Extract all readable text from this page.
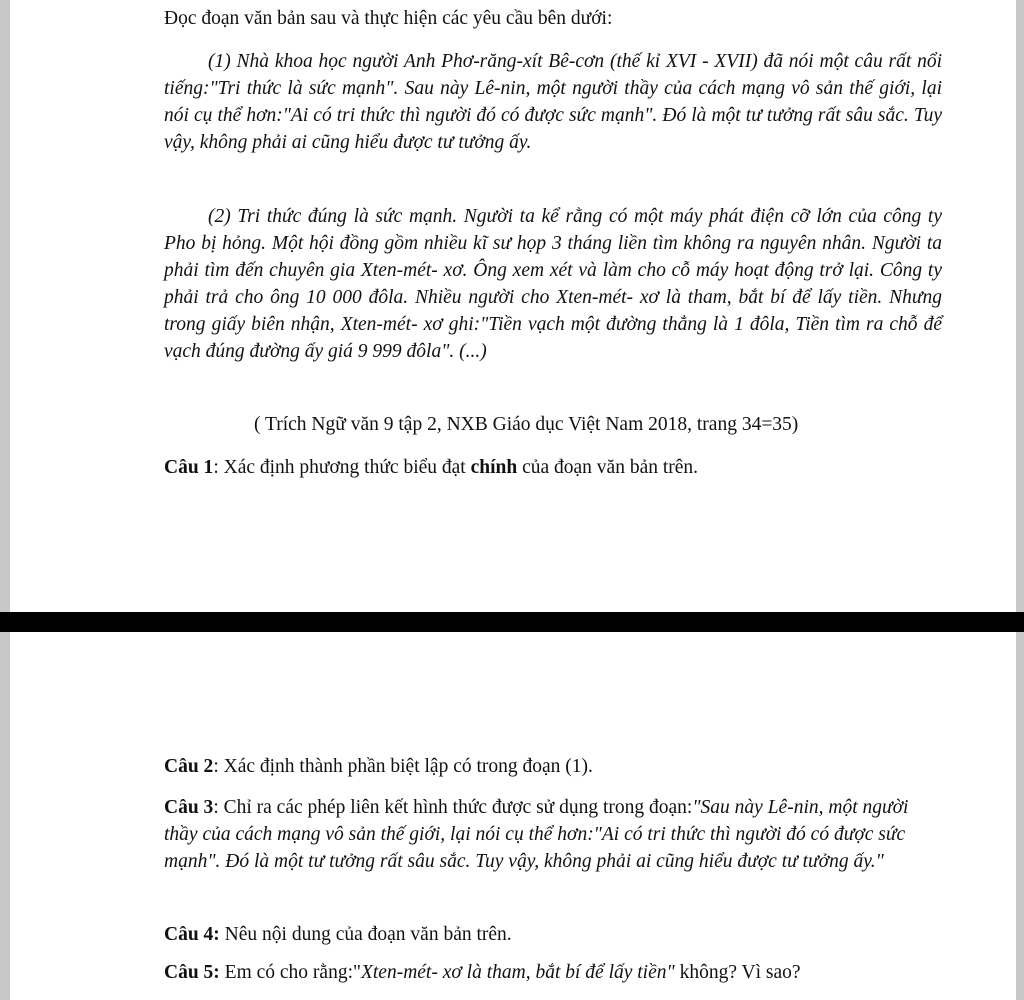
Đọc đoạn văn bản sau và thực hiện các yêu cầu bên dưới:

(1) Nhà khoa học người Anh Phơ-răng-xít Bê-cơn (thế kỉ XVI - XVII) đã nói một câu rất nổi tiếng:"Tri thức là sức mạnh". Sau này Lê-nin, một người thầy của cách mạng vô sản thế giới, lại nói cụ thể hơn:"Ai có tri thức thì người đó có được sức mạnh". Đó là một tư tưởng rất sâu sắc. Tuy vậy, không phải ai cũng hiểu được tư tưởng ấy.

(2) Tri thức đúng là sức mạnh. Người ta kể rằng có một máy phát điện cỡ lớn của công ty Pho bị hỏng. Một hội đồng gồm nhiều kĩ sư họp 3 tháng liền tìm không ra nguyên nhân. Người ta phải tìm đến chuyên gia Xten-mét- xơ. Ông xem xét và làm cho cỗ máy hoạt động trở lại. Công ty phải trả cho ông 10 000 đôla. Nhiều người cho Xten-mét- xơ là tham, bắt bí để lấy tiền. Nhưng trong giấy biên nhận, Xten-mét- xơ ghi:"Tiền vạch một đường thẳng là 1 đôla, Tiền tìm ra chỗ để vạch đúng đường ấy giá 9 999 đôla". (...)

( Trích Ngữ văn 9 tập 2, NXB Giáo dục Việt Nam 2018, trang 34=35)

Câu 1: Xác định phương thức biểu đạt chính của đoạn văn bản trên.

Câu 2: Xác định thành phần biệt lập có trong đoạn (1).

Câu 3: Chỉ ra các phép liên kết hình thức được sử dụng trong đoạn:"Sau này Lê-nin, một người thầy của cách mạng vô sản thế giới, lại nói cụ thể hơn:"Ai có tri thức thì người đó có được sức mạnh". Đó là một tư tưởng rất sâu sắc. Tuy vậy, không phải ai cũng hiểu được tư tưởng ấy."

Câu 4: Nêu nội dung của đoạn văn bản trên.

Câu 5: Em có cho rằng:"Xten-mét- xơ là tham, bắt bí để lấy tiền" không? Vì sao?
